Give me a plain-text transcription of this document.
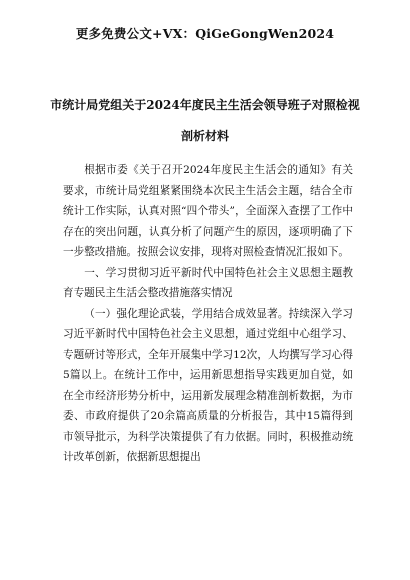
更多免费公文+VX：QiGeGongWen2024
市统计局党组关于2024年度民主生活会领导班子对照检视
剖析材料

根据市委《关于召开2024年度民主生活会的通知》有关要求，市统计局党组紧紧围绕本次民主生活会主题，结合全市统计工作实际，认真对照“四个带头”，全面深入查摆了工作中存在的突出问题，认真分析了问题产生的原因，逐项明确了下一步整改措施。按照会议安排，现将对照检查情况汇报如下。

一、学习贯彻习近平新时代中国特色社会主义思想主题教育专题民主生活会整改措施落实情况

（一）强化理论武装，学用结合成效显著。持续深入学习习近平新时代中国特色社会主义思想，通过党组中心组学习、专题研讨等形式，全年开展集中学习12次，人均撰写学习心得5篇以上。在统计工作中，运用新思想指导实践更加自觉，如在全市经济形势分析中，运用新发展理念精准剖析数据，为市委、市政府提供了20余篇高质量的分析报告，其中15篇得到市领导批示，为科学决策提供了有力依据。同时，积极推动统计改革创新，依据新思想提出
